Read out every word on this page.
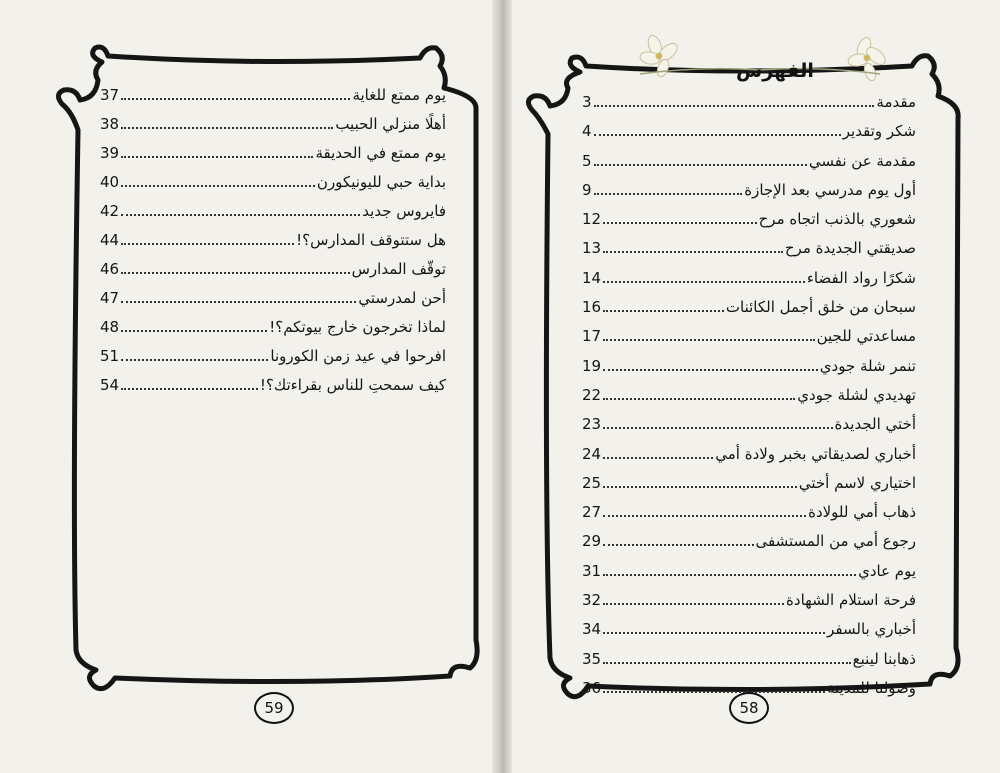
الفهرس
يوم ممتع للغاية
37
أهلًا منزلي الحبيب
38
يوم ممتع في الحديقة
39
بداية حبي لليونيكورن
40
فايروس جديد
42
هل ستتوقف المدارس؟!
44
توقّف المدارس
46
أحن لمدرستي
47
لماذا تخرجون خارج بيوتكم؟!
48
افرحوا في عيد زمن الكورونا
51
كيف سمحتِ للناس بقراءتك؟!
54
مقدمة
3
شكر وتقدير
4
مقدمة عن نفسي
5
أول يوم مدرسي بعد الإجازة
9
شعوري بالذنب اتجاه مرح
12
صديقتي الجديدة مرح
13
شكرًا رواد الفضاء
14
سبحان من خلق أجمل الكائنات
16
مساعدتي للجين
17
تنمر شلة جودي
19
تهديدي لشلة جودي
22
أختي الجديدة
23
أخباري لصديقاتي بخبر ولادة أمي
24
اختياري لاسم أختي
25
ذهاب أمي للولادة
27
رجوع أمي من المستشفى
29
يوم عادي
31
فرحة استلام الشهادة
32
أخباري بالسفر
34
ذهابنا لينبع
35
وصولنا للمدينة
36
59	58
